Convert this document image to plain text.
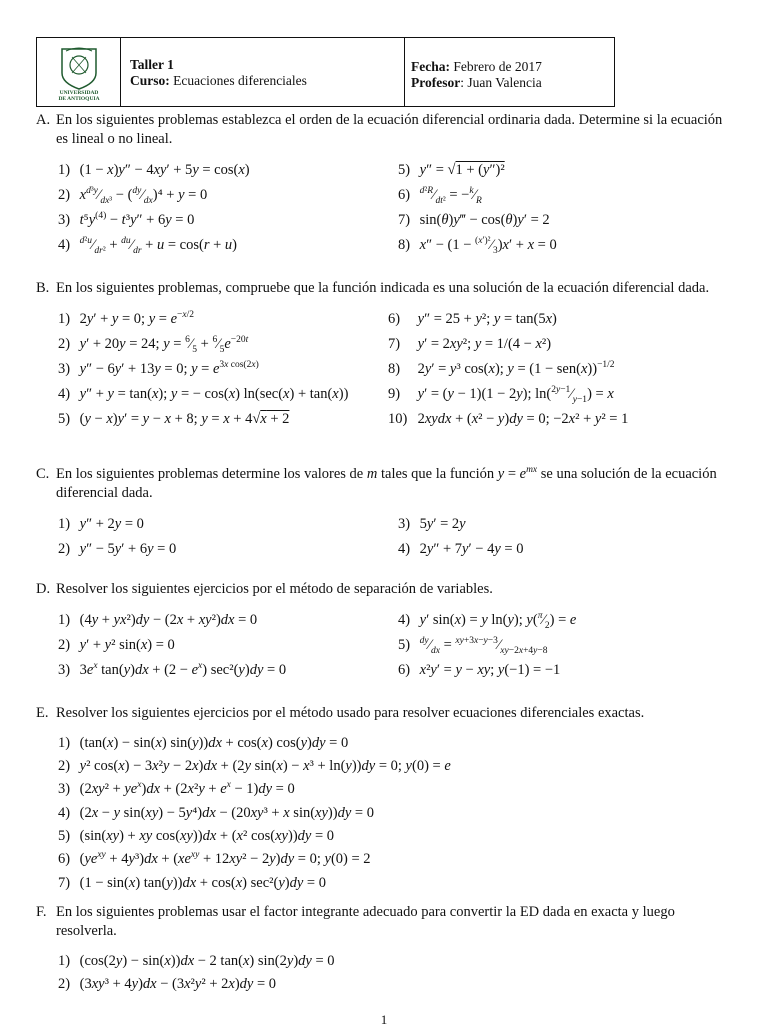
UNIVERSIDAD
DE ANTIOQUIA
Taller 1
Curso: Ecuaciones diferenciales
Fecha: Febrero de 2017
Profesor: Juan Valencia
A. En los siguientes problemas establezca el orden de la ecuación diferencial ordinaria dada. Determine si la ecuación es lineal o no lineal.
1) (1 − x)y″ − 4xy′ + 5y = cos(x)
2) $x^{d^3y}⁄_{dx^3}$ − $(^{dy}⁄_{dx})^4 + y = 0$
3) $t^5y^{(4)} - t^3y'' + 6y = 0$
4) $^{d^2u}⁄_{dr^2}$ + $^{du}⁄_{dr} + u = \cos(r + u)$
5) y″ = √1 + (y″)²
6) $^{d^2R}⁄_{dt^2}$ = $-^k⁄_R$
7) sin(θ)y‴ − cos(θ)y′ = 2
8) $x'' - (1 - ^{(x')^2}⁄_3)x' + x = 0$
B. En los siguientes problemas, compruebe que la función indicada es una solución de la ecuación diferencial dada.
1) 2y′ + y = 0; $y = e^{-x/2}$
2) y′ + 20y = 24; $y = ^6⁄_5$ + $^6⁄_5e^{-20t}$
3) y″ − 6y′ + 13y = 0; $y = e^{3x cos(2x)}$
4) y″ + y = tan(x); y = − cos(x) ln(sec(x) + tan(x))
5) (y − x)y′ = y − x + 8; y = x + 4√x + 2
6) y″ = 25 + y²; y = tan(5x)
7) y′ = 2xy²; y = 1/(4 − x²)
8) 2y′ = y³ cos(x); $y = (1 - sen(x))^{-1/2}$
9) y′ = (y − 1)(1 − 2y); $\ln(^{2y-1}⁄_{y-1}) = x$
10) 2xydx + (x² − y)dy = 0; −2x² + y² = 1
C. En los siguientes problemas determine los valores de m tales que la función $y = e^{mx}$ se una solución de la ecuación diferencial dada.
1) y″ + 2y = 0
2) y″ − 5y′ + 6y = 0
3) 5y′ = 2y
4) 2y″ + 7y′ − 4y = 0
D. Resolver los siguientes ejercicios por el método de separación de variables.
1) (4y + yx²)dy − (2x + xy²)dx = 0
2) y′ + y² sin(x) = 0
3) $3e^x$ $\tan(y)dx + (2 - e^x)$ sec²(y)dy = 0
4) y′ sin(x) = y ln(y); $y(^\pi⁄_2) = e$
5) $^{dy}⁄_{dx}$ = $^{xy+3x-y-3}⁄_{xy-2x+4y-8}$
6) x²y′ = y − xy; y(−1) = −1
E. Resolver los siguientes ejercicios por el método usado para resolver ecuaciones diferenciales exactas.
1) (tan(x) − sin(x) sin(y))dx + cos(x) cos(y)dy = 0
2) y² cos(x) − 3x²y − 2x)dx + (2y sin(x) − x³ + ln(y))dy = 0; y(0) = e
3) $(2xy^2 + ye^x)dx + (2x^2y + e^x - 1)dy = 0$
4) (2x − y sin(xy) − 5y⁴)dx − (20xy³ + x sin(xy))dy = 0
5) (sin(xy) + xy cos(xy))dx + (x² cos(xy))dy = 0
6) $(ye^{xy} + 4y^3)dx + (xe^{xy} + 12xy^2 - 2y)dy = 0$; y(0) = 2
7) (1 − sin(x) tan(y))dx + cos(x) sec²(y)dy = 0
F. En los siguientes problemas usar el factor integrante adecuado para convertir la ED dada en exacta y luego resolverla.
1) (cos(2y) − sin(x))dx − 2 tan(x) sin(2y)dy = 0
2) (3xy³ + 4y)dx − (3x²y² + 2x)dy = 0
1
